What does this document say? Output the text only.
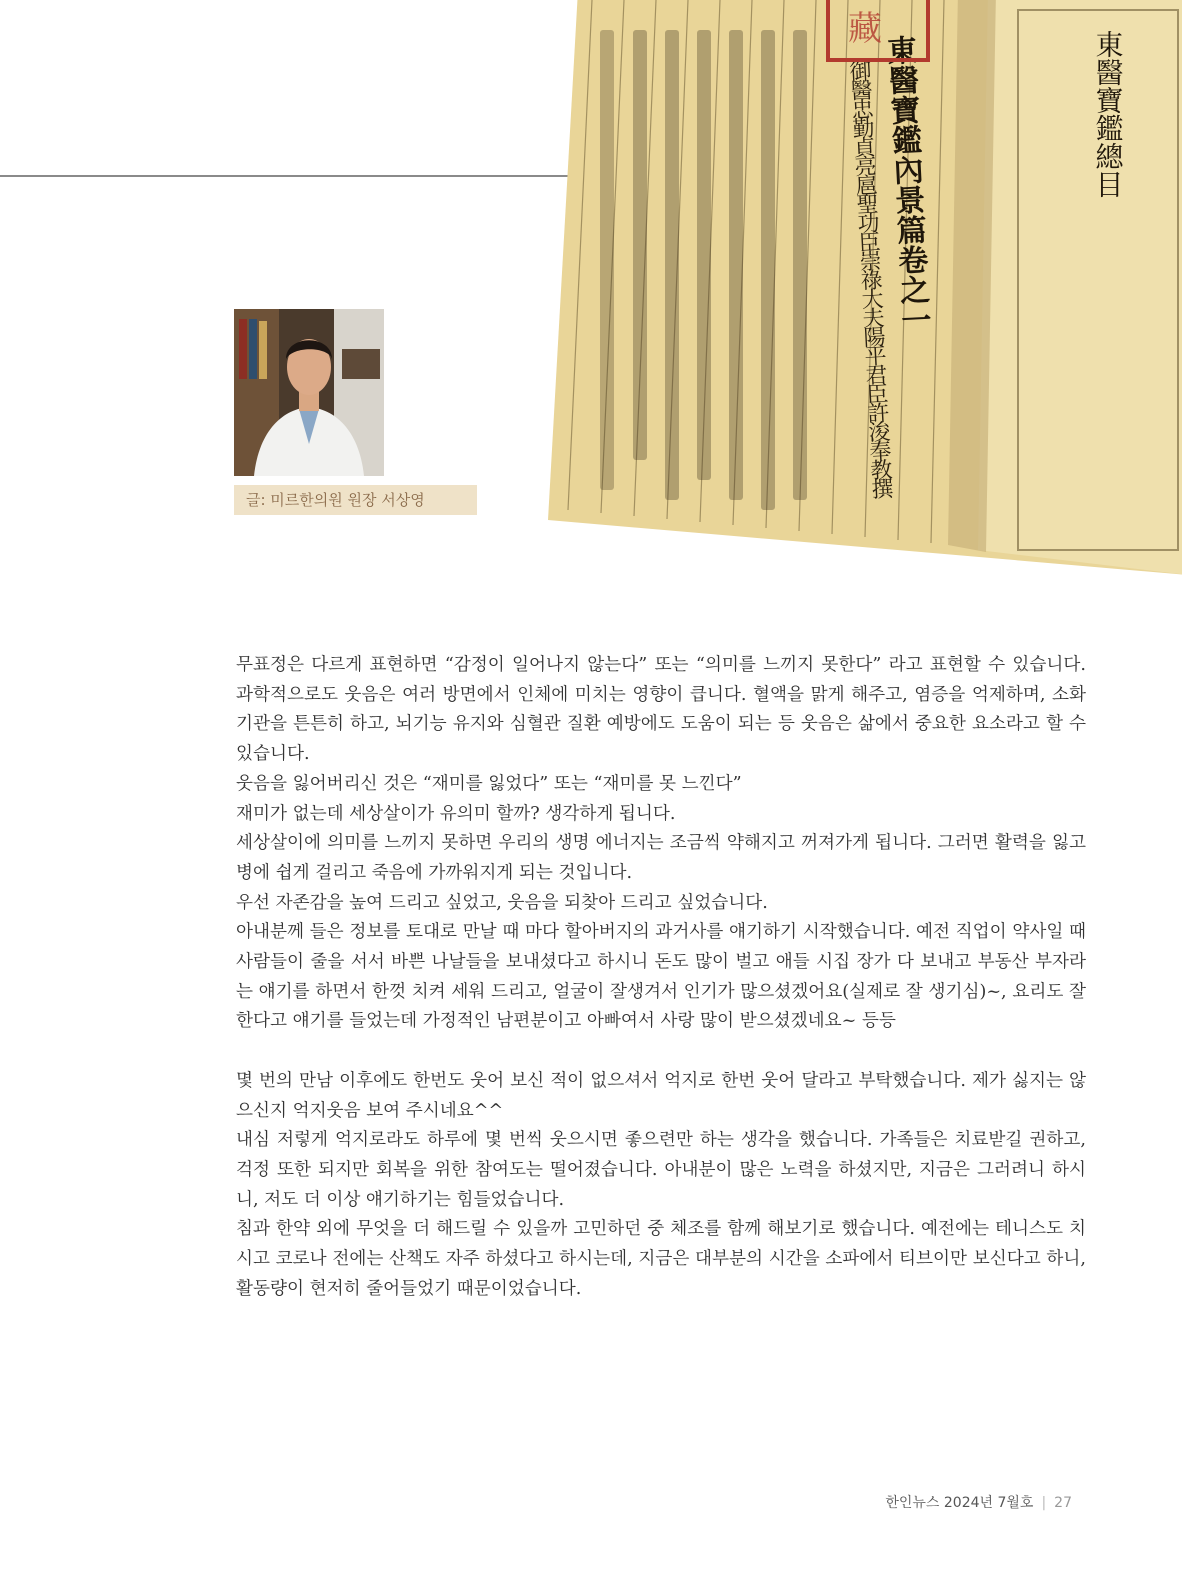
東醫寶鑑內景篇卷之一
御醫忠勤貞亮扈聖功臣崇祿大夫陽平君臣許浚奉教撰
藏
東醫寶鑑總目
글: 미르한의원 원장 서상영

무표정은 다르게 표현하면 “감정이 일어나지 않는다” 또는 “의미를 느끼지 못한다” 라고 표현할 수 있습니다. 과학적으로도 웃음은 여러 방면에서 인체에 미치는 영향이 큽니다. 혈액을 맑게 해주고, 염증을 억제하며, 소화기관을 튼튼히 하고, 뇌기능 유지와 심혈관 질환 예방에도 도움이 되는 등 웃음은 삶에서 중요한 요소라고 할 수 있습니다.

웃음을 잃어버리신 것은 “재미를 잃었다” 또는 “재미를 못 느낀다”

재미가 없는데 세상살이가 유의미 할까? 생각하게 됩니다.

세상살이에 의미를 느끼지 못하면 우리의 생명 에너지는 조금씩 약해지고 꺼져가게 됩니다. 그러면 활력을 잃고 병에 쉽게 걸리고 죽음에 가까워지게 되는 것입니다.

우선 자존감을 높여 드리고 싶었고, 웃음을 되찾아 드리고 싶었습니다.

아내분께 들은 정보를 토대로 만날 때 마다 할아버지의 과거사를 얘기하기 시작했습니다. 예전 직업이 약사일 때 사람들이 줄을 서서 바쁜 나날들을 보내셨다고 하시니 돈도 많이 벌고 애들 시집 장가 다 보내고 부동산 부자라는 얘기를 하면서 한껏 치켜 세워 드리고, 얼굴이 잘생겨서 인기가 많으셨겠어요(실제로 잘 생기심)~, 요리도 잘 한다고 얘기를 들었는데 가정적인 남편분이고 아빠여서 사랑 많이 받으셨겠네요~ 등등

몇 번의 만남 이후에도 한번도 웃어 보신 적이 없으셔서 억지로 한번 웃어 달라고 부탁했습니다. 제가 싫지는 않으신지 억지웃음 보여 주시네요^^

내심 저렇게 억지로라도 하루에 몇 번씩 웃으시면 좋으련만 하는 생각을 했습니다. 가족들은 치료받길 권하고, 걱정 또한 되지만 회복을 위한 참여도는 떨어졌습니다. 아내분이 많은 노력을 하셨지만, 지금은 그러려니 하시니, 저도 더 이상 얘기하기는 힘들었습니다.

침과 한약 외에 무엇을 더 해드릴 수 있을까 고민하던 중 체조를 함께 해보기로 했습니다. 예전에는 테니스도 치시고 코로나 전에는 산책도 자주 하셨다고 하시는데, 지금은 대부분의 시간을 소파에서 티브이만 보신다고 하니, 활동량이 현저히 줄어들었기 때문이었습니다.

한인뉴스 2024년 7월호 | 27
